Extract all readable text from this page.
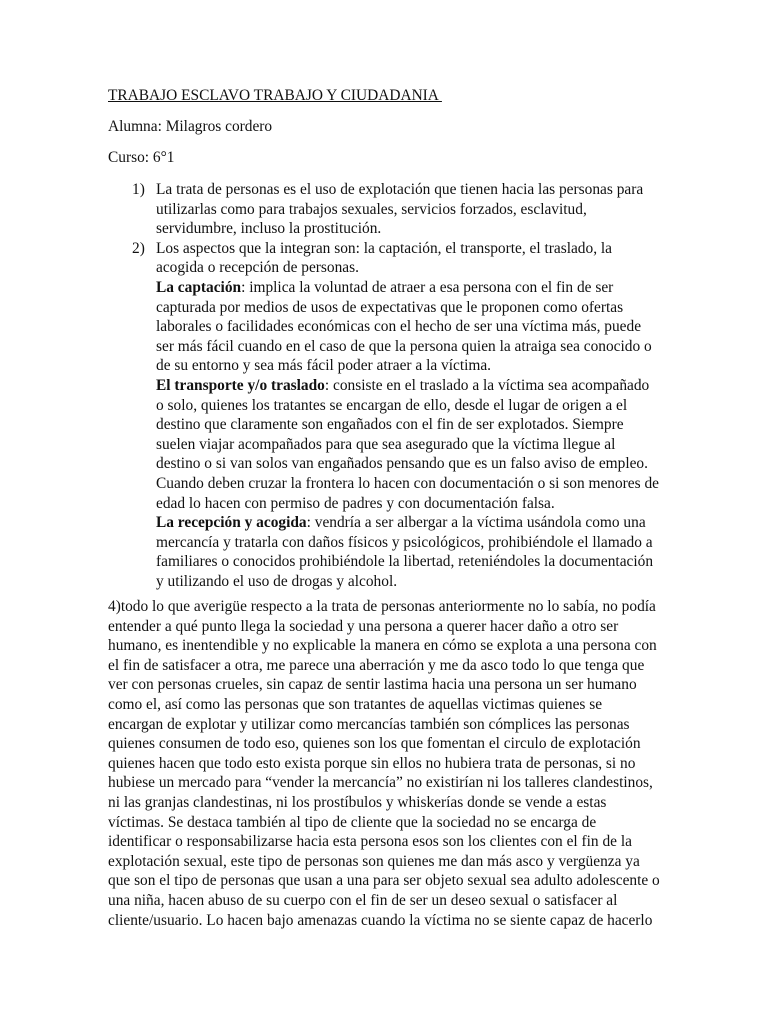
TRABAJO ESCLAVO TRABAJO Y CIUDADANIA

Alumna: Milagros cordero

Curso: 6°1

1) La trata de personas es el uso de explotación que tienen hacia las personas para utilizarlas como para trabajos sexuales, servicios forzados, esclavitud, servidumbre, incluso la prostitución.

2) Los aspectos que la integran son: la captación, el transporte, el traslado, la acogida o recepción de personas.

La captación: implica la voluntad de atraer a esa persona con el fin de ser capturada por medios de usos de expectativas que le proponen como ofertas laborales o facilidades económicas con el hecho de ser una víctima más, puede ser más fácil cuando en el caso de que la persona quien la atraiga sea conocido o de su entorno y sea más fácil poder atraer a la víctima.

El transporte y/o traslado: consiste en el traslado a la víctima sea acompañado o solo, quienes los tratantes se encargan de ello, desde el lugar de origen a el destino que claramente son engañados con el fin de ser explotados. Siempre suelen viajar acompañados para que sea asegurado que la víctima llegue al destino o si van solos van engañados pensando que es un falso aviso de empleo. Cuando deben cruzar la frontera lo hacen con documentación o si son menores de edad lo hacen con permiso de padres y con documentación falsa.

La recepción y acogida: vendría a ser albergar a la víctima usándola como una mercancía y tratarla con daños físicos y psicológicos, prohibiéndole el llamado a familiares o conocidos prohibiéndole la libertad, reteniéndoles la documentación y utilizando el uso de drogas y alcohol.

4)todo lo que averigüe respecto a la trata de personas anteriormente no lo sabía, no podía entender a qué punto llega la sociedad y una persona a querer hacer daño a otro ser humano, es inentendible y no explicable la manera en cómo se explota a una persona con el fin de satisfacer a otra, me parece una aberración y me da asco todo lo que tenga que ver con personas crueles, sin capaz de sentir lastima hacia una persona un ser humano como el, así como las personas que son tratantes de aquellas victimas quienes se encargan de explotar y utilizar como mercancías también son cómplices las personas quienes consumen de todo eso, quienes son los que fomentan el circulo de explotación quienes hacen que todo esto exista porque sin ellos no hubiera trata de personas, si no hubiese un mercado para “vender la mercancía” no existirían ni los talleres clandestinos, ni las granjas clandestinas, ni los prostíbulos y whiskerías donde se vende a estas víctimas. Se destaca también al tipo de cliente que la sociedad no se encarga de identificar o responsabilizarse hacia esta persona esos son los clientes con el fin de la explotación sexual, este tipo de personas son quienes me dan más asco y vergüenza ya que son el tipo de personas que usan a una para ser objeto sexual sea adulto adolescente o una niña, hacen abuso de su cuerpo con el fin de ser un deseo sexual o satisfacer al cliente/usuario. Lo hacen bajo amenazas cuando la víctima no se siente capaz de hacerlo
